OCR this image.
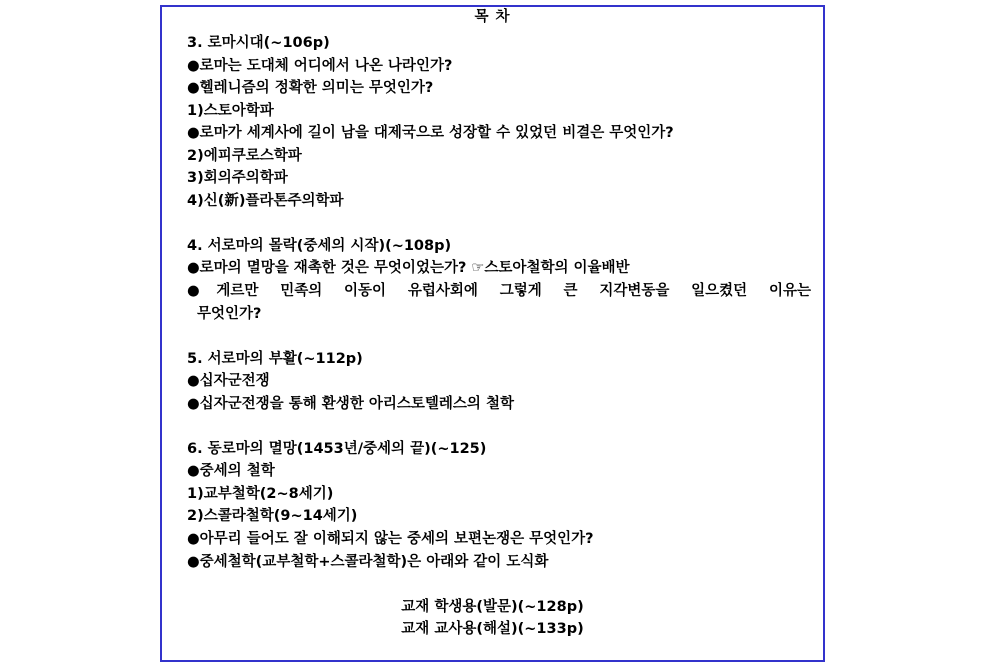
목 차
3. 로마시대(~106p)
●로마는 도대체 어디에서 나온 나라인가?
●헬레니즘의 정확한 의미는 무엇인가?
1)스토아학파
●로마가 세계사에 길이 남을 대제국으로 성장할 수 있었던 비결은 무엇인가?
2)에피쿠로스학파
3)회의주의학파
4)신(新)플라톤주의학파
4. 서로마의 몰락(중세의 시작)(~108p)
●로마의 멸망을 재촉한 것은 무엇이었는가? ☞스토아철학의 이율배반
●게르만 민족의 이동이 유럽사회에 그렇게 큰 지각변동을 일으켰던 이유는
무엇인가?
5. 서로마의 부활(~112p)
●십자군전쟁
●십자군전쟁을 통해 환생한 아리스토텔레스의 철학
6. 동로마의 멸망(1453년/중세의 끝)(~125)
●중세의 철학
1)교부철학(2~8세기)
2)스콜라철학(9~14세기)
●아무리 들어도 잘 이해되지 않는 중세의 보편논쟁은 무엇인가?
●중세철학(교부철학+스콜라철학)은 아래와 같이 도식화
교재 학생용(발문)(~128p)
교재 교사용(해설)(~133p)
